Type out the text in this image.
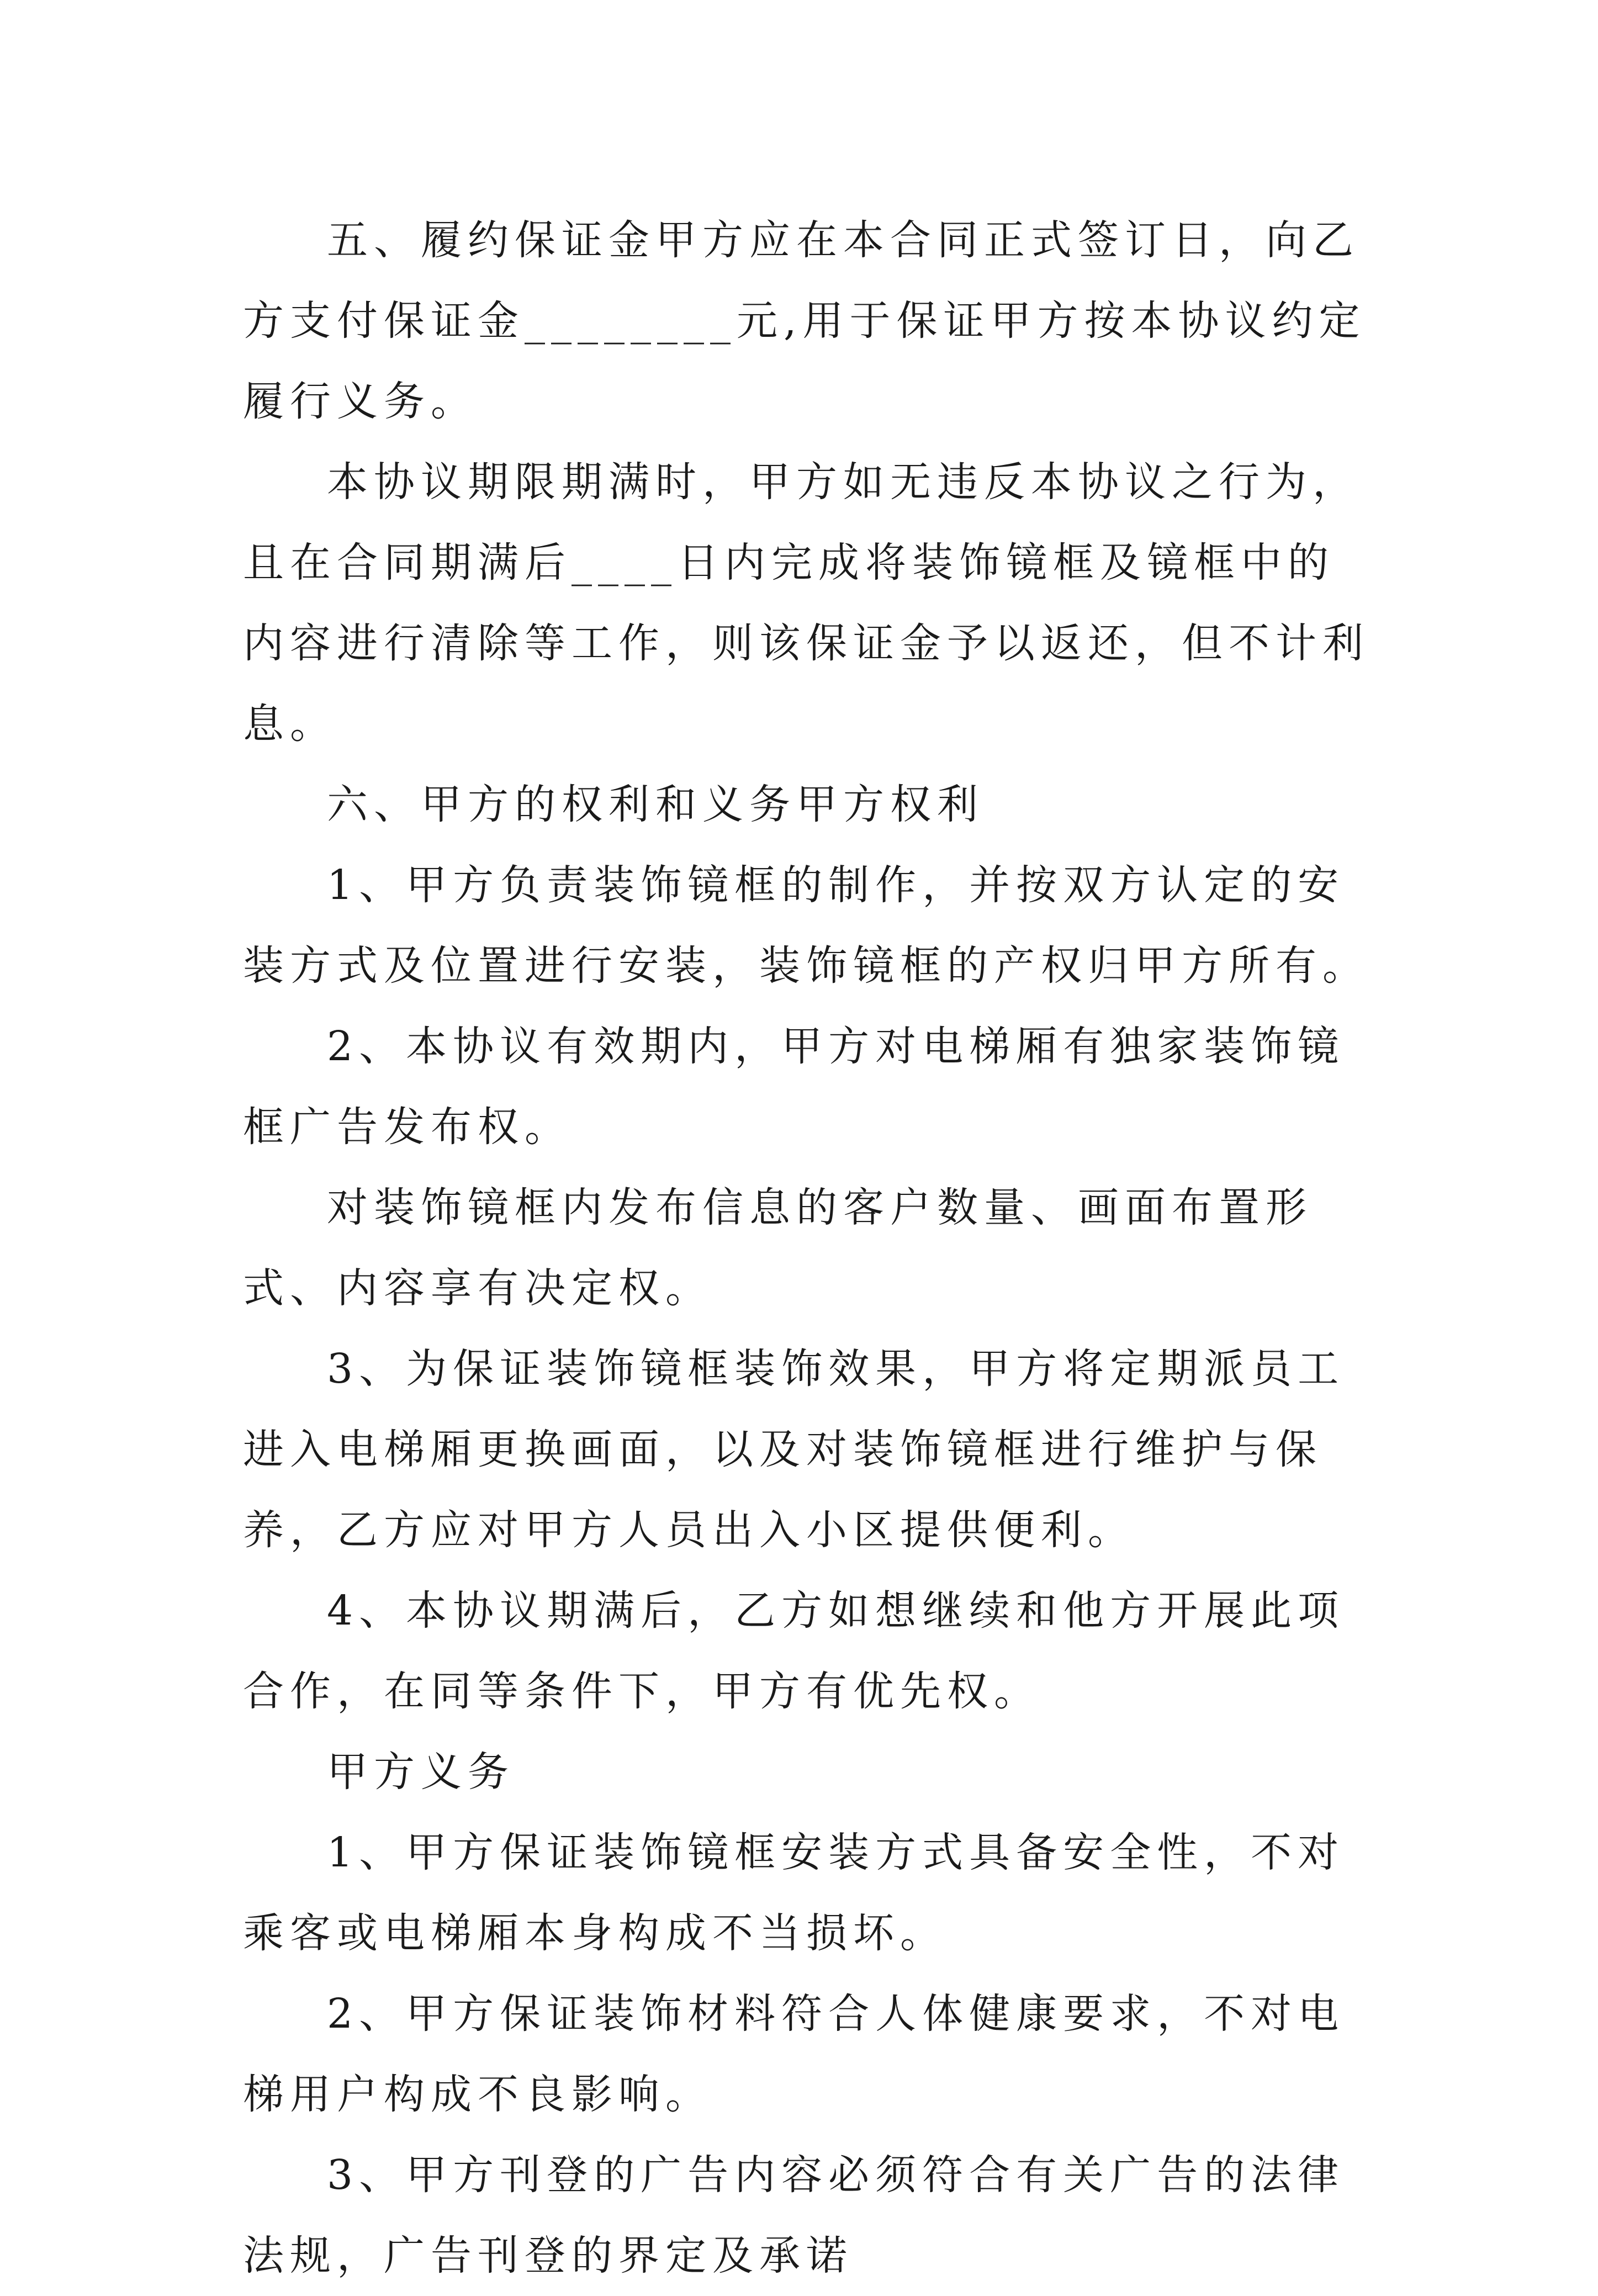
五、履约保证金甲方应在本合同正式签订日，向乙方支付保证金________元,用于保证甲方按本协议约定履行义务。

本协议期限期满时，甲方如无违反本协议之行为，且在合同期满后____日内完成将装饰镜框及镜框中的内容进行清除等工作，则该保证金予以返还，但不计利息。

六、甲方的权利和义务甲方权利

1、甲方负责装饰镜框的制作，并按双方认定的安装方式及位置进行安装，装饰镜框的产权归甲方所有。

2、本协议有效期内，甲方对电梯厢有独家装饰镜框广告发布权。

对装饰镜框内发布信息的客户数量、画面布置形式、内容享有决定权。

3、为保证装饰镜框装饰效果，甲方将定期派员工进入电梯厢更换画面，以及对装饰镜框进行维护与保养，乙方应对甲方人员出入小区提供便利。

4、本协议期满后，乙方如想继续和他方开展此项合作，在同等条件下，甲方有优先权。

甲方义务

1、甲方保证装饰镜框安装方式具备安全性，不对乘客或电梯厢本身构成不当损坏。

2、甲方保证装饰材料符合人体健康要求，不对电梯用户构成不良影响。

3、甲方刊登的广告内容必须符合有关广告的法律法规，广告刊登的界定及承诺
